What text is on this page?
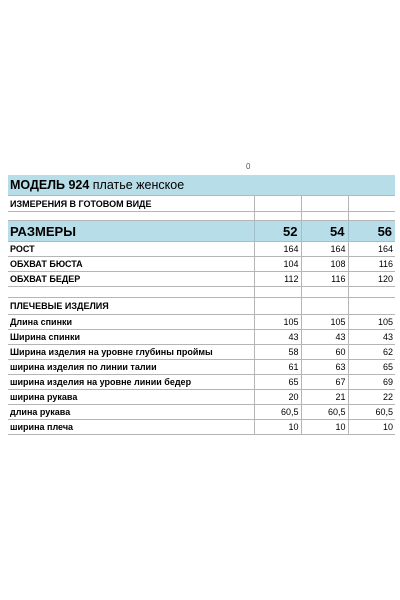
0
МОДЕЛЬ 924 платье женское			
ИЗМЕРЕНИЯ В ГОТОВОМ ВИДЕ			

РАЗМЕРЫ	52	54	56
РОСТ	164	164	164
ОБХВАТ БЮСТА	104	108	116
ОБХВАТ БЕДЕР	112	116	120

ПЛЕЧЕВЫЕ ИЗДЕЛИЯ			
Длина спинки	105	105	105
Ширина спинки	43	43	43
Ширина изделия на уровне глубины проймы	58	60	62
ширина изделия по линии талии	61	63	65
ширина изделия на уровне линии бедер	65	67	69
ширина рукава	20	21	22
длина рукава	60,5	60,5	60,5
ширина плеча	10	10	10
